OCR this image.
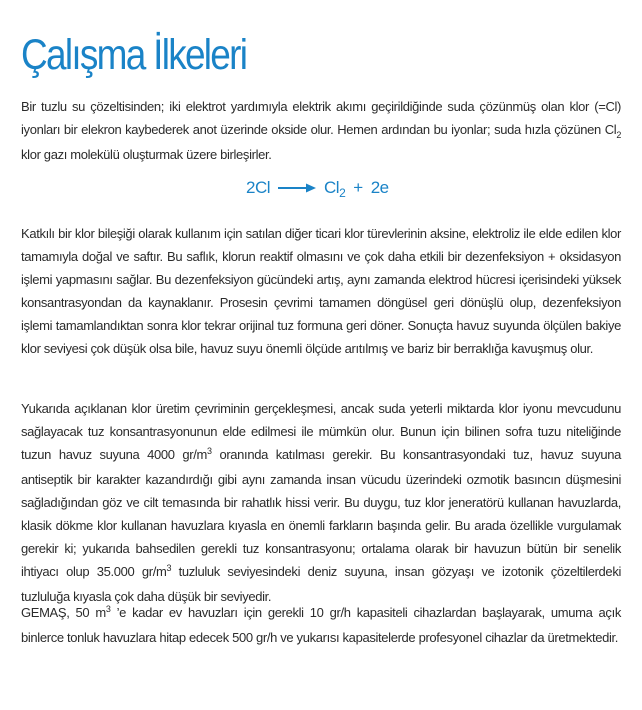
Çalışma İlkeleri

Bir tuzlu su çözeltisinden; iki elektrot yardımıyla elektrik akımı geçirildiğinde suda çözünmüş olan klor (=Cl) iyonları bir elekron kaybederek anot üzerinde okside olur. Hemen ardından bu iyonlar; suda hızla çözünen $Cl_2$ klor gazı molekülü oluşturmak üzere birleşirler.

2Cl	$Cl_2 + 2e$

Katkılı bir klor bileşiği olarak kullanım için satılan diğer ticari klor türevlerinin aksine, elektroliz ile elde edilen klor tamamıyla doğal ve saftır. Bu saflık, klorun reaktif olmasını ve çok daha etkili bir dezenfeksiyon + oksidasyon işlemi yapmasını sağlar. Bu dezenfeksiyon gücündeki artış, aynı zamanda elektrod hücresi içerisindeki yüksek konsantrasyondan da kaynaklanır. Prosesin çevrimi tamamen döngüsel geri dönüşlü olup, dezenfeksiyon işlemi tamamlandıktan sonra klor tekrar orijinal tuz formuna geri döner. Sonuçta havuz suyunda ölçülen bakiye klor seviyesi çok düşük olsa bile, havuz suyu önemli ölçüde arıtılmış ve bariz bir berraklığa kavuşmuş olur.

Yukarıda açıklanan klor üretim çevriminin gerçekleşmesi, ancak suda yeterli miktarda klor iyonu mevcudunu sağlayacak tuz konsantrasyonunun elde edilmesi ile mümkün olur. Bunun için bilinen sofra tuzu niteliğinde tuzun havuz suyuna 4000 $gr/m^3$ oranında katılması gerekir. Bu konsantrasyondaki tuz, havuz suyuna antiseptik bir karakter kazandırdığı gibi aynı zamanda insan vücudu üzerindeki ozmotik basıncın düşmesini sağladığından göz ve cilt temasında bir rahatlık hissi verir. Bu duygu, tuz klor jeneratörü kullanan havuzlarda, klasik dökme klor kullanan havuzlara kıyasla en önemli farkların başında gelir. Bu arada özellikle vurgulamak gerekir ki; yukarıda bahsedilen gerekli tuz konsantrasyonu; ortalama olarak bir havuzun bütün bir senelik ihtiyacı olup 35.000 $gr/m^3$ tuzluluk seviyesindeki deniz suyuna, insan gözyaşı ve izotonik çözeltilerdeki tuzluluğa kıyasla çok daha düşük bir seviyedir.

GEMAŞ, 50 $m^3$ ’e kadar ev havuzları için gerekli 10 gr/h kapasiteli cihazlardan başlayarak, umuma açık binlerce tonluk havuzlara hitap edecek 500 gr/h ve yukarısı kapasitelerde profesyonel cihazlar da üretmektedir.
